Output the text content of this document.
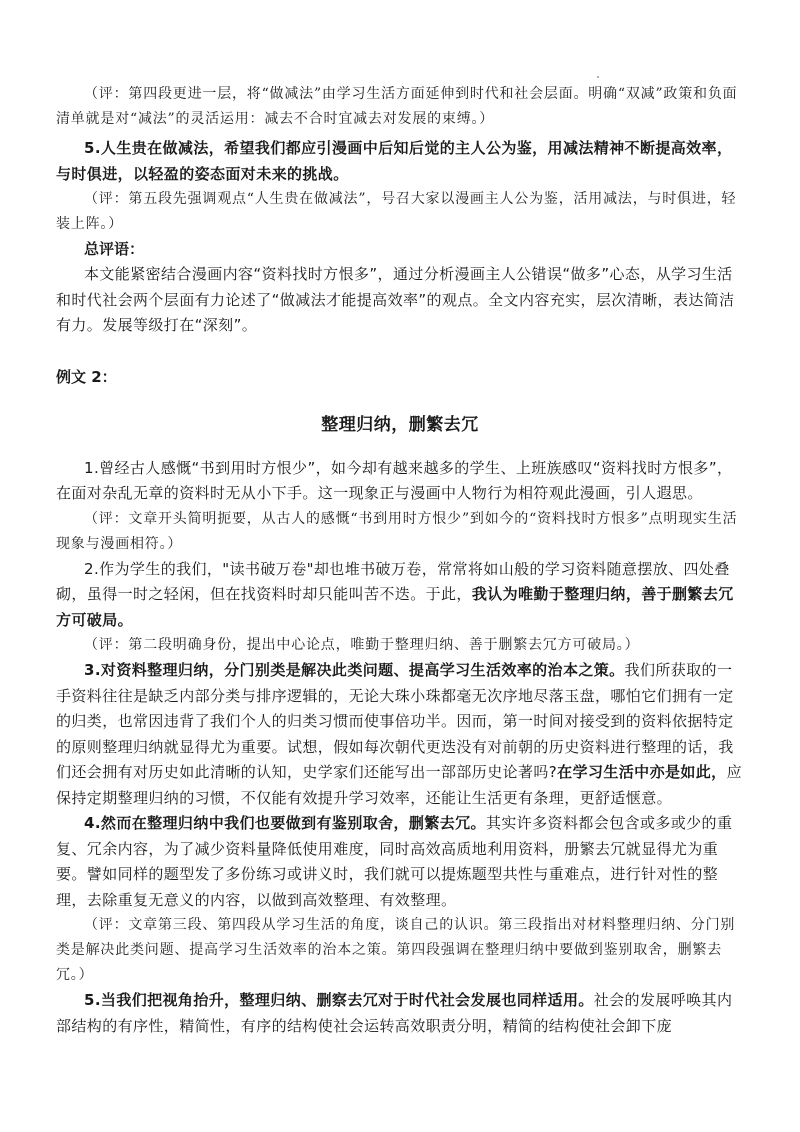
（评：第四段更进一层，将“做减法”由学习生活方面延伸到时代和社会层面。明确“双减”政策和负面清单就是对“减法”的灵活运用：减去不合时宜减去对发展的束缚。）

5.人生贵在做减法，希望我们都应引漫画中后知后觉的主人公为鉴，用减法精神不断提高效率，与时俱进，以轻盈的姿态面对未来的挑战。

（评：第五段先强调观点“人生贵在做减法”，号召大家以漫画主人公为鉴，活用减法，与时俱进，轻装上阵。）

总评语：

本文能紧密结合漫画内容“资料找时方恨多”，通过分析漫画主人公错误“做多”心态，从学习生活和时代社会两个层面有力论述了“做减法才能提高效率”的观点。全文内容充实，层次清晰，表达简洁有力。发展等级打在“深刻”。

例文 2：

整理归纳，删繁去冗

1.曾经古人感慨“书到用时方恨少”，如今却有越来越多的学生、上班族感叹“资料找时方恨多”，在面对杂乱无章的资料时无从小下手。这一现象正与漫画中人物行为相符观此漫画，引人遐思。

（评：文章开头简明扼要，从古人的感慨“书到用时方恨少”到如今的“资料找时方恨多”点明现实生活现象与漫画相符。）

2.作为学生的我们，"读书破万卷"却也堆书破万卷，常常将如山般的学习资料随意摆放、四处叠砌，虽得一时之轻闲，但在找资料时却只能叫苦不迭。于此，我认为唯勤于整理归纳，善于删繁去冗方可破局。

（评：第二段明确身份，提出中心论点，唯勤于整理归纳、善于删繁去冗方可破局。）

3.对资料整理归纳，分门别类是解决此类问题、提高学习生活效率的治本之策。我们所获取的一手资料往往是缺乏内部分类与排序逻辑的，无论大珠小珠都毫无次序地尽落玉盘，哪怕它们拥有一定的归类，也常因违背了我们个人的归类习惯而使事倍功半。因而，第一时间对接受到的资料依据特定的原则整理归纳就显得尤为重要。试想，假如每次朝代更迭没有对前朝的历史资料进行整理的话，我们还会拥有对历史如此清晰的认知，史学家们还能写出一部部历史论著吗?在学习生活中亦是如此，应保持定期整理归纳的习惯，不仅能有效提升学习效率，还能让生活更有条理，更舒适惬意。

4.然而在整理归纳中我们也要做到有鉴别取舍，删繁去冗。其实许多资料都会包含或多或少的重复、冗余内容，为了减少资料量降低使用难度，同时高效高质地利用资料，册繁去冗就显得尤为重要。譬如同样的题型发了多份练习或讲义时，我们就可以提炼题型共性与重难点，进行针对性的整理，去除重复无意义的内容，以做到高效整理、有效整理。

（评：文章第三段、第四段从学习生活的角度，谈自己的认识。第三段指出对材料整理归纳、分门别类是解决此类问题、提高学习生活效率的治本之策。第四段强调在整理归纳中要做到鉴别取舍，删繁去冗。）

5.当我们把视角抬升，整理归纳、删察去冗对于时代社会发展也同样适用。社会的发展呼唤其内部结构的有序性，精简性，有序的结构使社会运转高效职责分明，精简的结构使社会卸下庞
